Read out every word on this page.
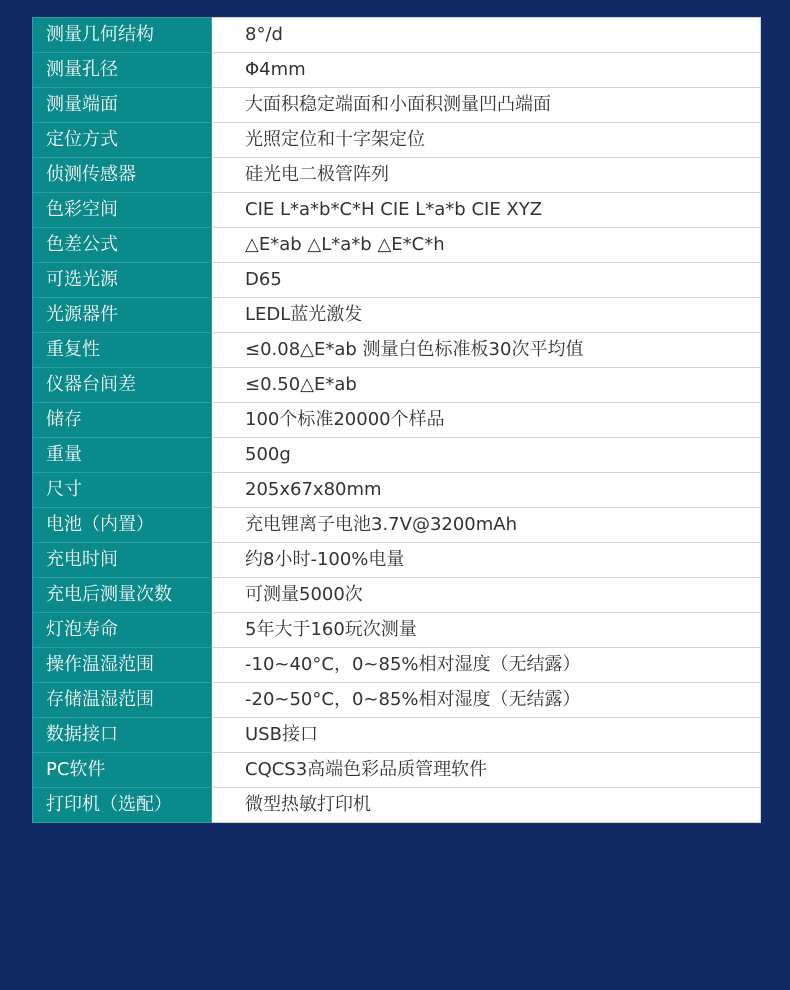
测量几何结构	8°/d
测量孔径	Φ4mm
测量端面	大面积稳定端面和小面积测量凹凸端面
定位方式	光照定位和十字架定位
侦测传感器	硅光电二极管阵列
色彩空间	CIE L*a*b*C*H CIE L*a*b CIE XYZ
色差公式	△E*ab △L*a*b △E*C*h
可选光源	D65
光源器件	LEDL蓝光激发
重复性	≤0.08△E*ab 测量白色标准板30次平均值
仪器台间差	≤0.50△E*ab
储存	100个标准20000个样品
重量	500g
尺寸	205x67x80mm
电池（内置）	充电锂离子电池3.7V@3200mAh
充电时间	约8小时-100%电量
充电后测量次数	可测量5000次
灯泡寿命	5年大于160玩次测量
操作温湿范围	-10~40°C，0~85%相对湿度（无结露）
存储温湿范围	-20~50°C，0~85%相对湿度（无结露）
数据接口	USB接口
PC软件	CQCS3高端色彩品质管理软件
打印机（选配）	微型热敏打印机
